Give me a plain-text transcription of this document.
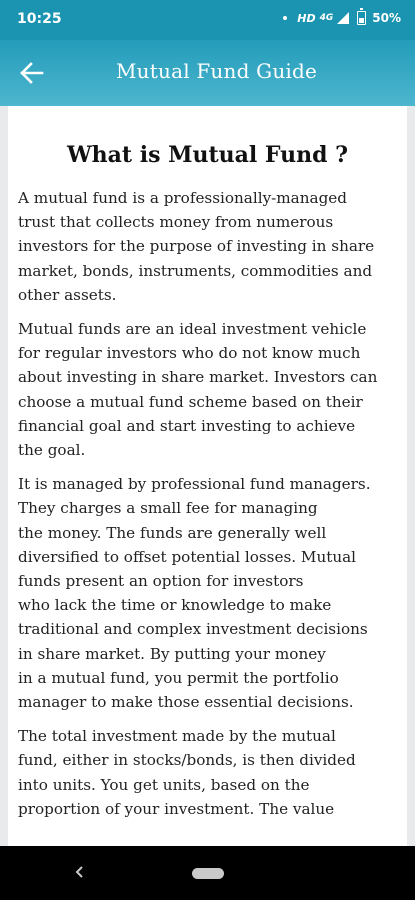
10:25	HD 4G	50%
Mutual Fund Guide
What is Mutual Fund ?

A mutual fund is a professionally-managed
trust that collects money from numerous
investors for the purpose of investing in share
market, bonds, instruments, commodities and
other assets.

Mutual funds are an ideal investment vehicle
for regular investors who do not know much
about investing in share market. Investors can
choose a mutual fund scheme based on their
financial goal and start investing to achieve
the goal.

It is managed by professional fund managers.
They charges a small fee for managing
the money. The funds are generally well
diversified to offset potential losses. Mutual
funds present an option for investors
who lack the time or knowledge to make
traditional and complex investment decisions
in share market. By putting your money
in a mutual fund, you permit the portfolio
manager to make those essential decisions.

The total investment made by the mutual
fund, either in stocks/bonds, is then divided
into units. You get units, based on the
proportion of your investment. The value
